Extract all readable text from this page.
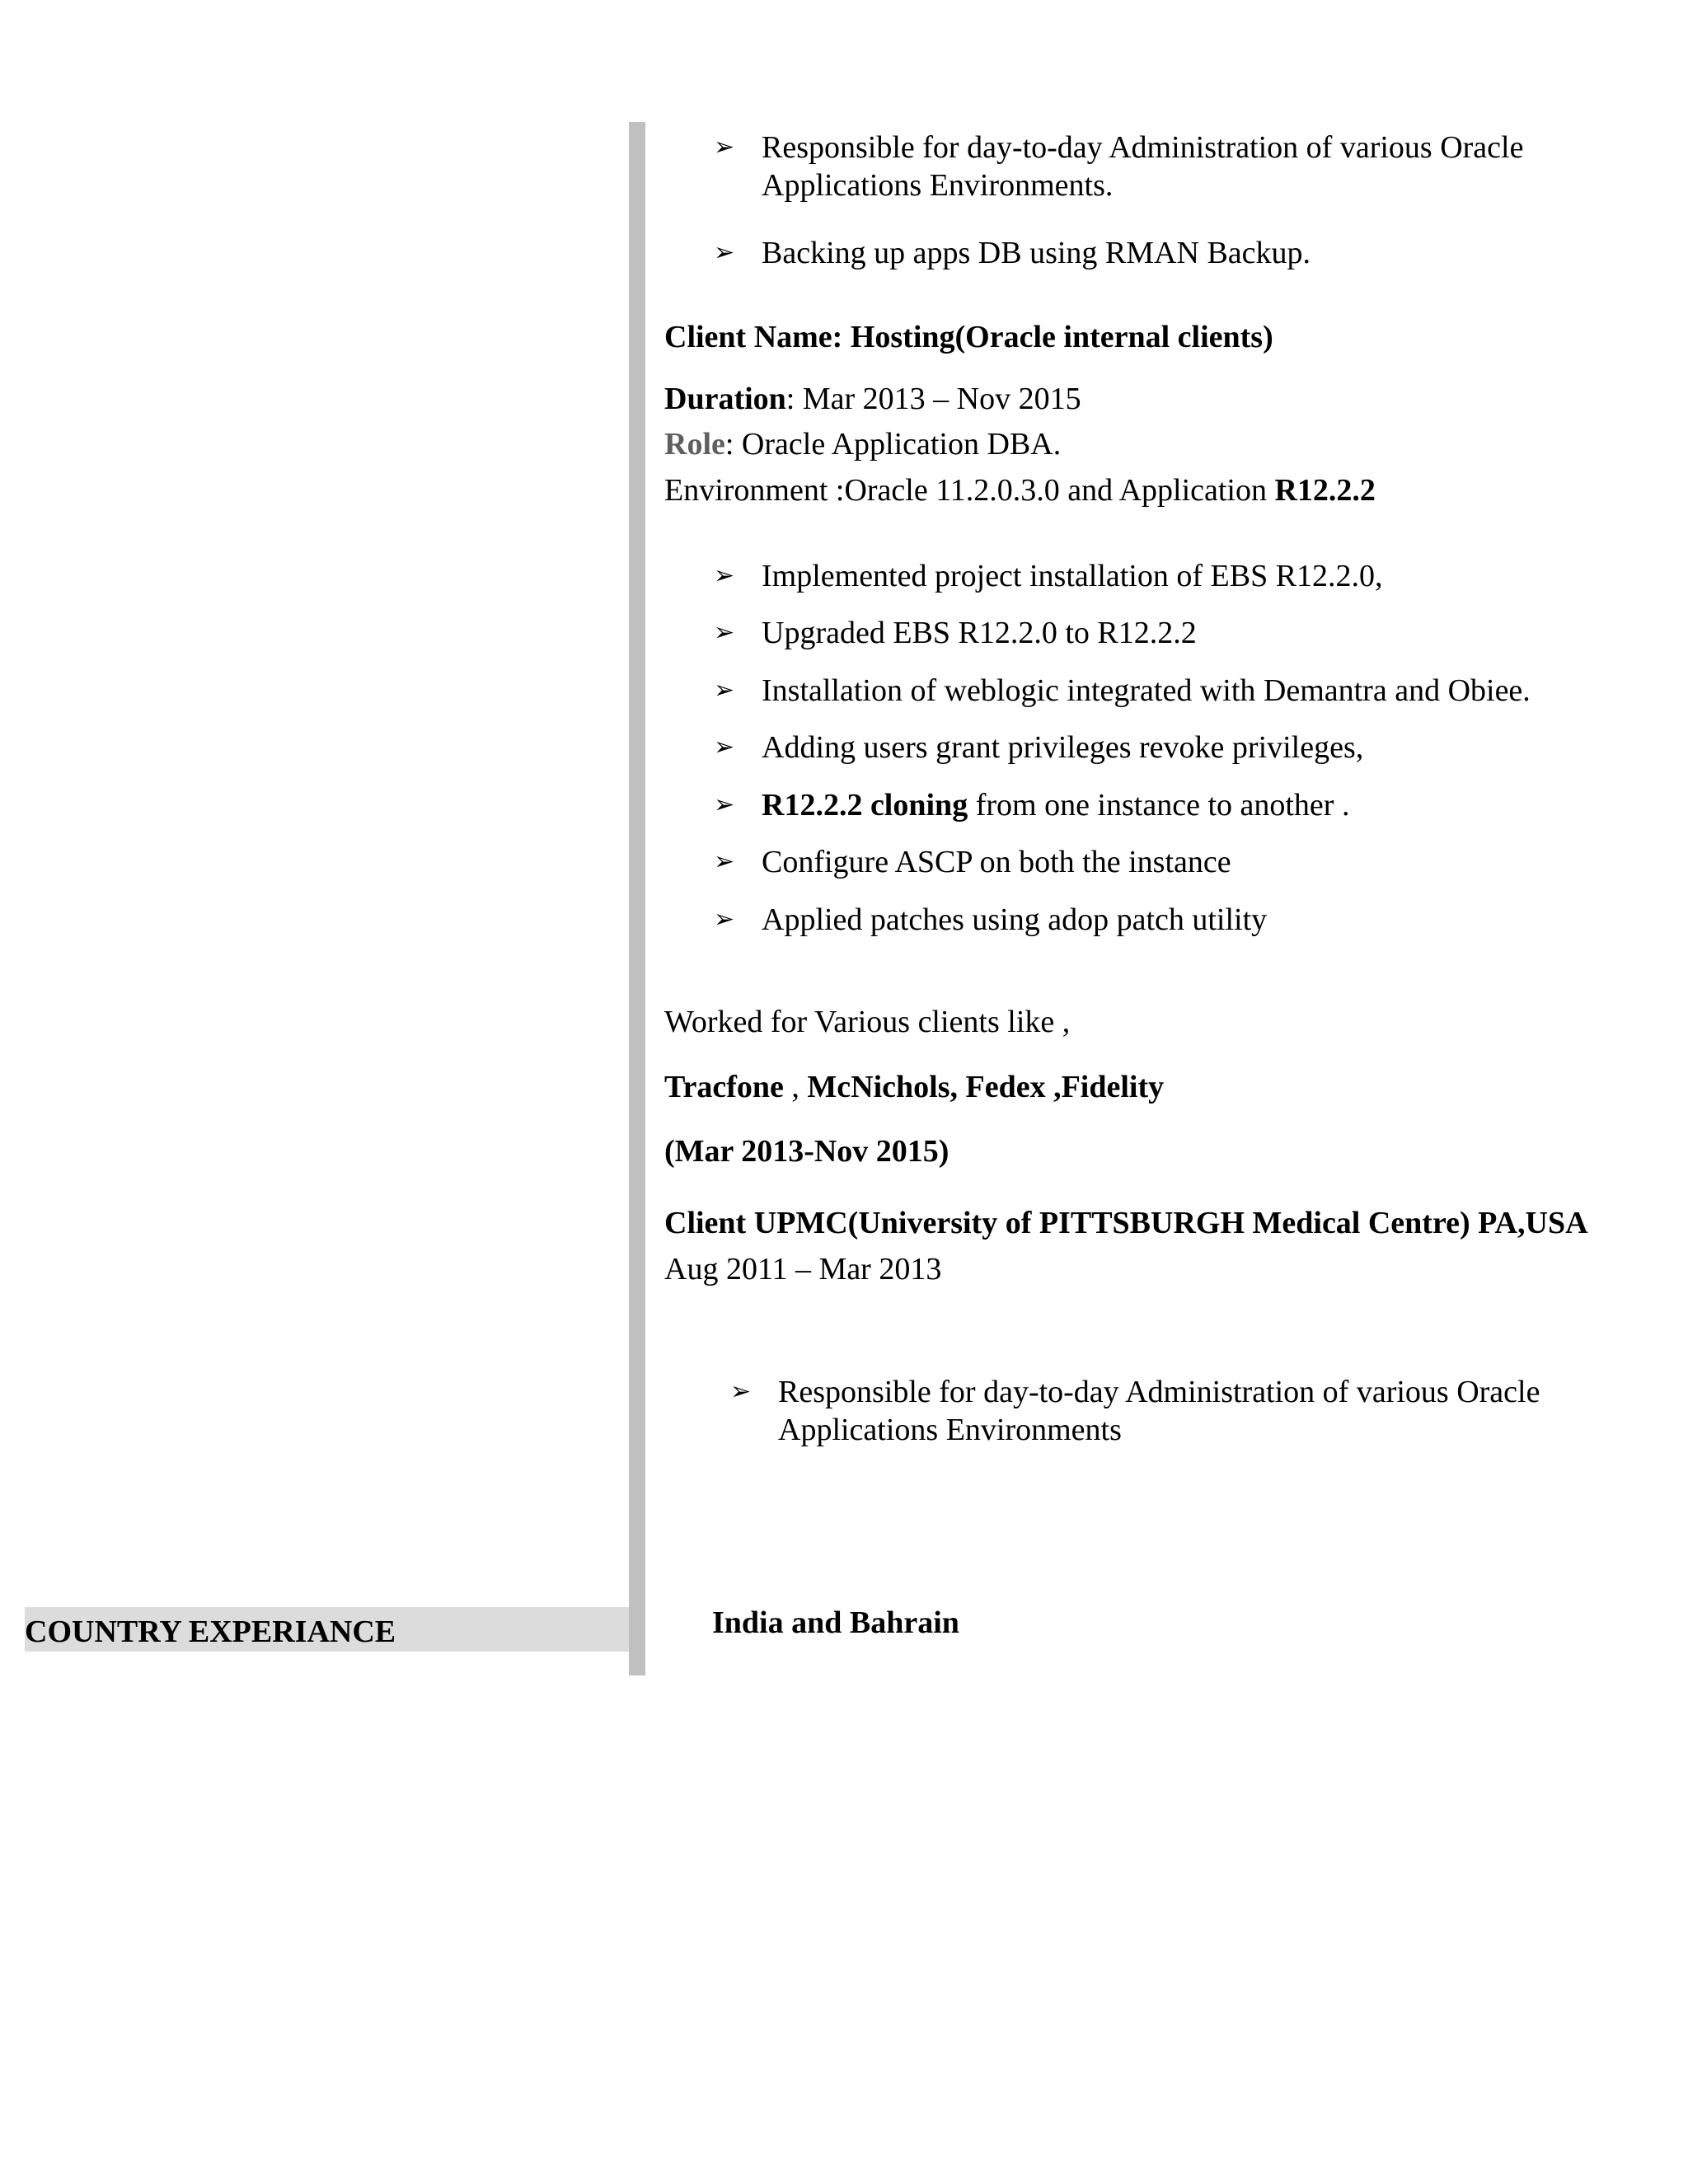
➢ Responsible for day-to-day Administration of various Oracle
Applications Environments.
➢ Backing up apps DB using RMAN Backup.
Client Name: Hosting(Oracle internal clients)
Duration: Mar 2013 – Nov 2015
Role: Oracle Application DBA.
Environment :Oracle 11.2.0.3.0 and Application R12.2.2
➢ Implemented project installation of EBS R12.2.0,
➢ Upgraded EBS R12.2.0 to R12.2.2
➢ Installation of weblogic integrated with Demantra and Obiee.
➢ Adding users grant privileges revoke privileges,
➢ R12.2.2 cloning from one instance to another .
➢ Configure ASCP on both the instance
➢ Applied patches using adop patch utility
Worked for Various clients like ,
Tracfone , McNichols, Fedex ,Fidelity
(Mar 2013-Nov 2015)
Client UPMC(University of PITTSBURGH Medical Centre) PA,USA
Aug 2011 – Mar 2013
➢ Responsible for day-to-day Administration of various Oracle
Applications Environments
COUNTRY EXPERIANCE	India and Bahrain
